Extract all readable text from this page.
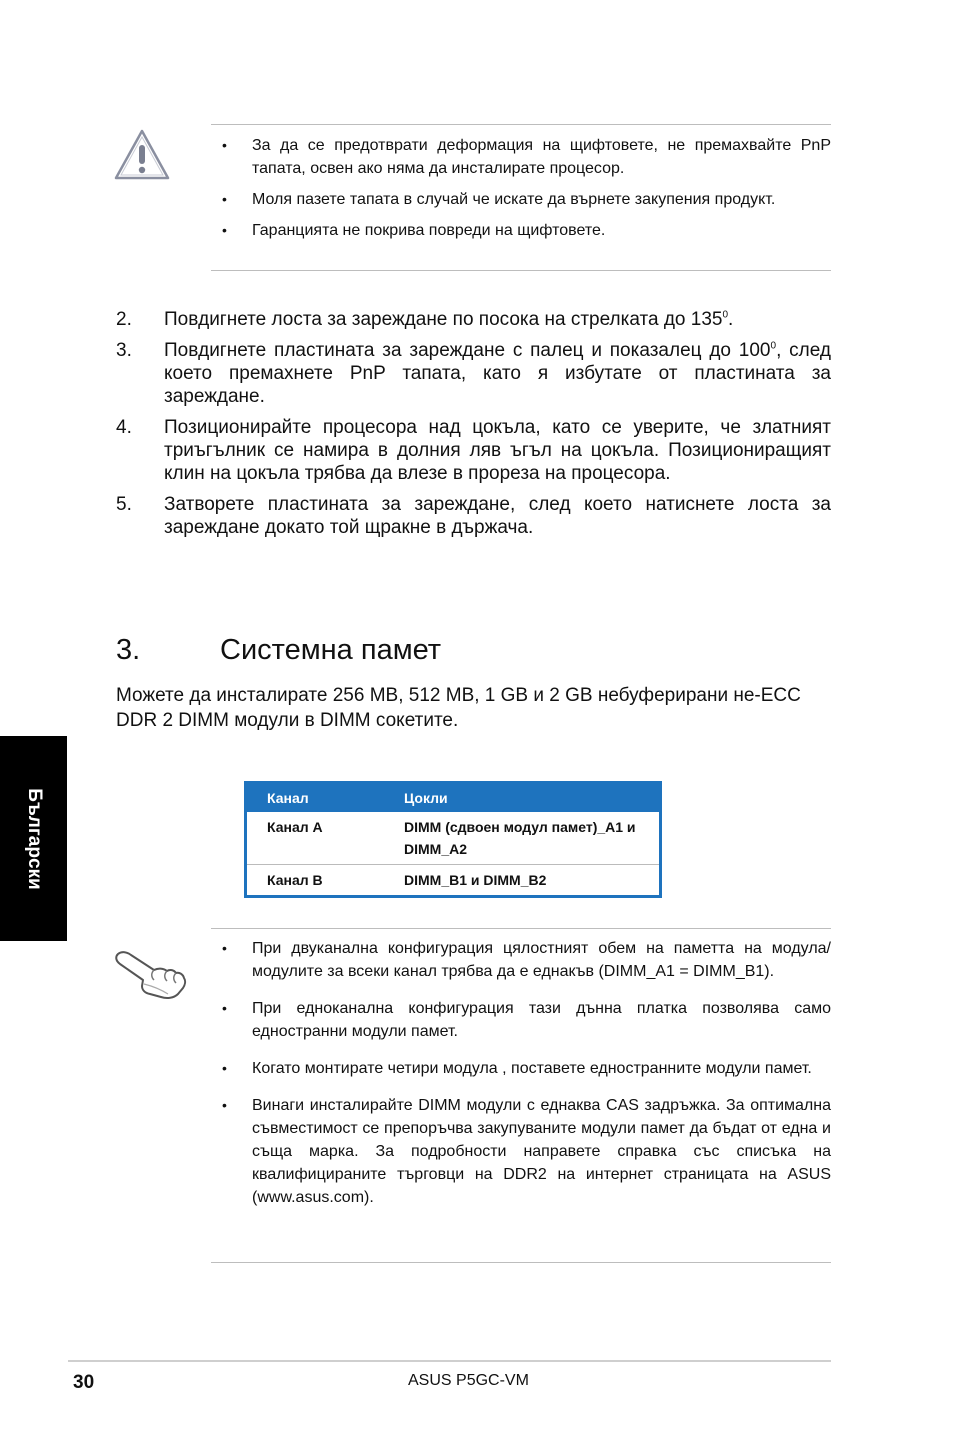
• За да се предотврати деформация на щифтовете, не премахвайте PnP тапата, освен ако няма да инсталирате процесор.
• Моля пазете тапата в случай че искате да върнете закупения продукт.
• Гаранцията не покрива повреди на щифтовете.
2. Повдигнете лоста за зареждане по посока на стрелката до $135^0$.
3. Повдигнете пластината за зареждане с палец и показалец до $100^0$, след което премахнете PnP тапата, като я избутате от пластината за зареждане.
4. Позиционирайте процесора над цокъла, като се уверите, че златният триъгълник се намира в долния ляв ъгъл на цокъла. Позициониращият клин на цокъла трябва да влезе в прореза на процесора.
5. Затворете пластината за зареждане, след което натиснете лоста за зареждане докато той щракне в държача.
3.	Системна памет

Можете да инсталирате 256 MB, 512 MB, 1 GB и 2 GB небуферирани не-ECC DDR 2 DIMM модули в DIMM сокетите.

Канал	Цокли
Канал A	DIMM (сдвоен модул памет)_A1 и DIMM_A2
Канал B	DIMM_B1 и DIMM_B2
Български
• При двуканална конфигурация цялостният обем на паметта на модула/модулите за всеки канал трябва да е еднакъв (DIMM_A1 = DIMM_B1).
• При едноканална конфигурация тази дънна платка позволява само едностранни модули памет.
• Когато монтирате четири модула , поставете едностранните модули памет.
• Винаги инсталирайте DIMM модули с еднаква CAS задръжка. За оптимална съвместимост се препоръчва закупуваните модули памет да бъдат от една и съща марка. За подробности направете справка със списъка на квалифицираните търговци на DDR2 на интернет страницата на ASUS (www.asus.com).
30	ASUS P5GC-VM
